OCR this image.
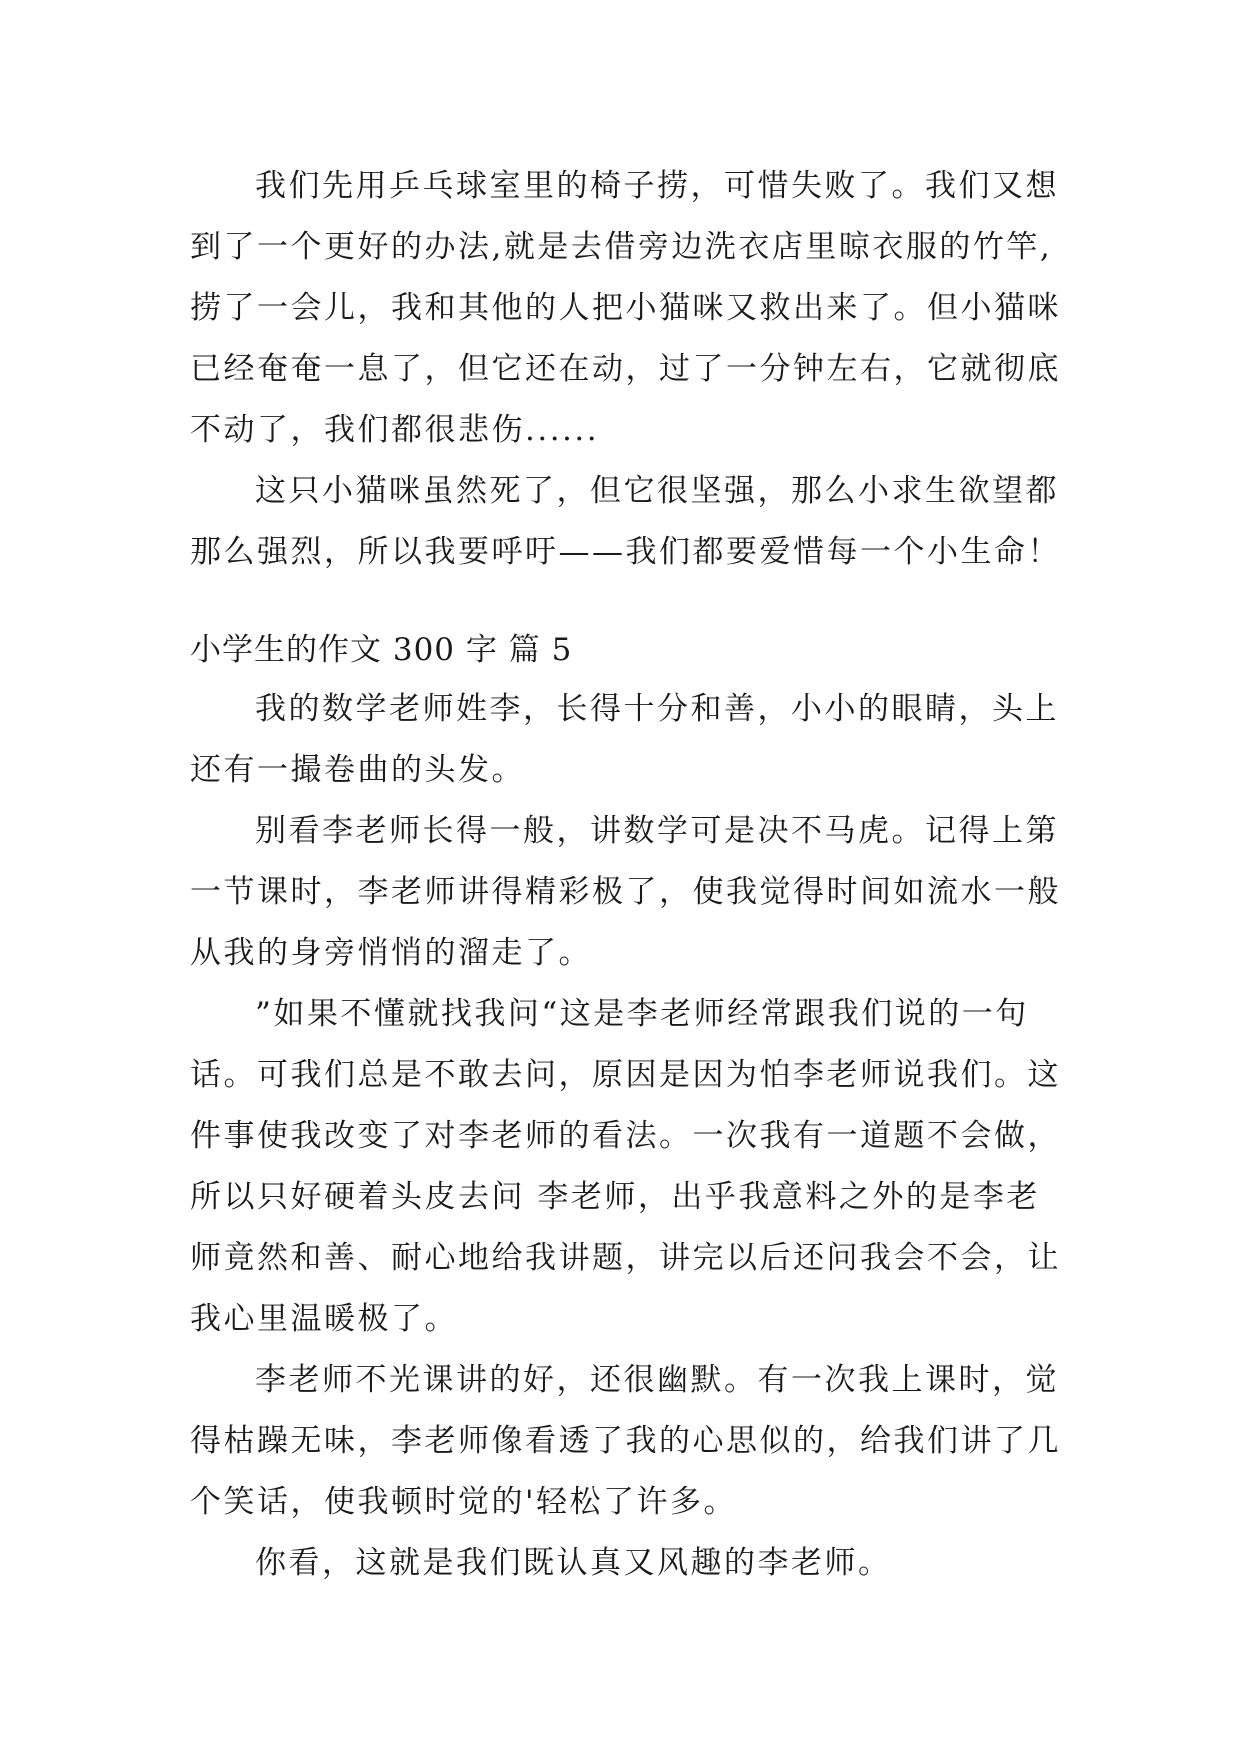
我们先用乒乓球室里的椅子捞，可惜失败了。我们又想
到了一个更好的办法,就是去借旁边洗衣店里晾衣服的竹竿,
捞了一会儿，我和其他的人把小猫咪又救出来了。但小猫咪
已经奄奄一息了，但它还在动，过了一分钟左右，它就彻底
不动了，我们都很悲伤......
这只小猫咪虽然死了，但它很坚强，那么小求生欲望都
那么强烈，所以我要呼吁——我们都要爱惜每一个小生命！
小学生的作文 300 字 篇 5
我的数学老师姓李，长得十分和善，小小的眼睛，头上
还有一撮卷曲的头发。
别看李老师长得一般，讲数学可是决不马虎。记得上第
一节课时，李老师讲得精彩极了，使我觉得时间如流水一般
从我的身旁悄悄的溜走了。
”如果不懂就找我问“这是李老师经常跟我们说的一句
话。可我们总是不敢去问，原因是因为怕李老师说我们。这
件事使我改变了对李老师的看法。一次我有一道题不会做，
所以只好硬着头皮去问 李老师，出乎我意料之外的是李老
师竟然和善、耐心地给我讲题，讲完以后还问我会不会，让
我心里温暖极了。
李老师不光课讲的好，还很幽默。有一次我上课时，觉
得枯躁无味，李老师像看透了我的心思似的，给我们讲了几
个笑话，使我顿时觉的'轻松了许多。
你看，这就是我们既认真又风趣的李老师。
